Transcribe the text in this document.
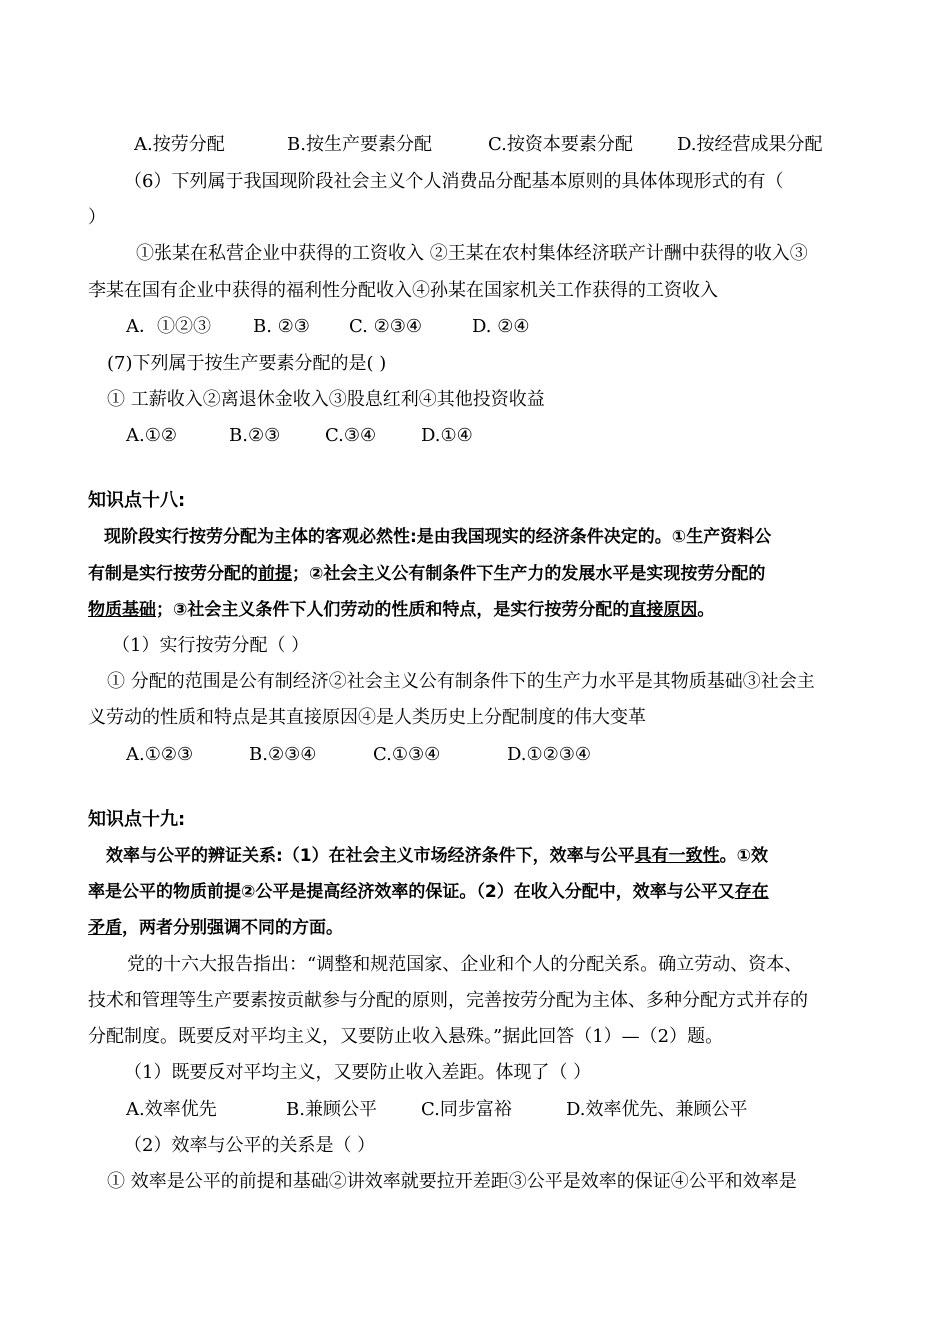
A.按劳分配	B.按生产要素分配	C.按资本要素分配 D.按经营成果分配
（6）下列属于我国现阶段社会主义个人消费品分配基本原则的具体体现形式的有（
）
①张某在私营企业中获得的工资收入 ②王某在农村集体经济联产计酬中获得的收入③
李某在国有企业中获得的福利性分配收入④孙某在国家机关工作获得的工资收入
A．①②③ B. ②③ C. ②③④	D. ②④
(7)下列属于按生产要素分配的是( )
① 工薪收入②离退休金收入③股息红利④其他投资收益
A.①②	B.②③ C.③④ D.①④
知识点十八:
现阶段实行按劳分配为主体的客观必然性:是由我国现实的经济条件决定的。①生产资料公
有制是实行按劳分配的前提；②社会主义公有制条件下生产力的发展水平是实现按劳分配的
物质基础；③社会主义条件下人们劳动的性质和特点，是实行按劳分配的直接原因。
（1）实行按劳分配（ ）
① 分配的范围是公有制经济②社会主义公有制条件下的生产力水平是其物质基础③社会主
义劳动的性质和特点是其直接原因④是人类历史上分配制度的伟大变革
A.①②③	B.②③④	C.①③④	D.①②③④
知识点十九:
效率与公平的辨证关系:（1）在社会主义市场经济条件下，效率与公平具有一致性。①效
率是公平的物质前提②公平是提高经济效率的保证。（2）在收入分配中，效率与公平又存在
矛盾，两者分别强调不同的方面。
党的十六大报告指出：“调整和规范国家、企业和个人的分配关系。确立劳动、资本、
技术和管理等生产要素按贡献参与分配的原则，完善按劳分配为主体、多种分配方式并存的
分配制度。既要反对平均主义，又要防止收入悬殊。”据此回答（1）—（2）题。
（1）既要反对平均主义，又要防止收入差距。体现了（ ）
A.效率优先	B.兼顾公平 C.同步富裕	D.效率优先、兼顾公平
（2）效率与公平的关系是（ ）
① 效率是公平的前提和基础②讲效率就要拉开差距③公平是效率的保证④公平和效率是
